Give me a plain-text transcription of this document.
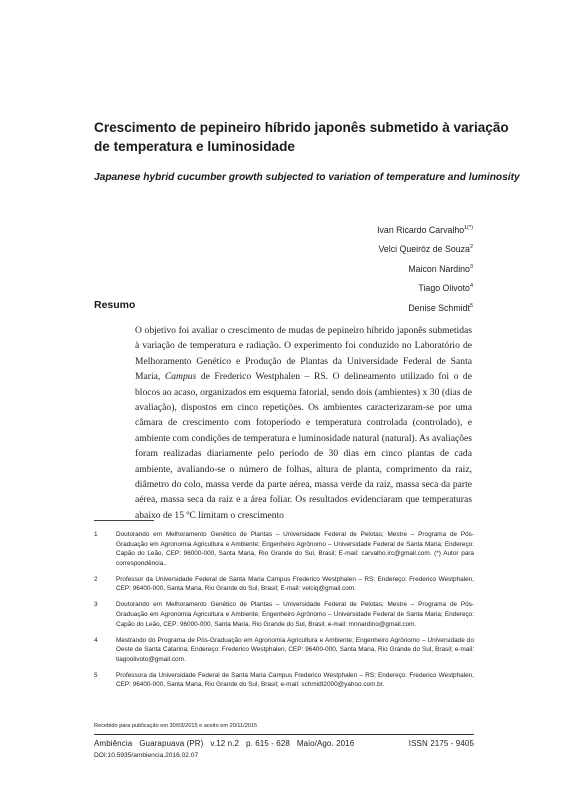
Crescimento de pepineiro híbrido japonês submetido à variação de temperatura e luminosidade
Japanese hybrid cucumber growth subjected to variation of temperature and luminosity
Ivan Ricardo Carvalho$^{1(*)}$
Velci Queiróz de Souza$^2$
Maicon Nardino$^3$
Tiago Olivoto$^4$
Denise Schmidt$^5$
Resumo
O objetivo foi avaliar o crescimento de mudas de pepineiro híbrido japonês submetidas à variação de temperatura e radiação. O experimento foi conduzido no Laboratório de Melhoramento Genético e Produção de Plantas da Universidade Federal de Santa Maria, Campus de Frederico Westphalen – RS. O delineamento utilizado foi o de blocos ao acaso, organizados em esquema fatorial, sendo dois (ambientes) x 30 (dias de avaliação), dispostos em cinco repetições. Os ambientes caracterizaram-se por uma câmara de crescimento com fotoperíodo e temperatura controlada (controlado), e ambiente com condições de temperatura e luminosidade natural (natural). As avaliações foram realizadas diariamente pelo período de 30 dias em cinco plantas de cada ambiente, avaliando-se o número de folhas, altura de planta, comprimento da raiz, diâmetro do colo, massa verde da parte aérea, massa verde da raiz, massa seca da parte aérea, massa seca da raiz e a área foliar. Os resultados evidenciaram que temperaturas abaixo de 15 ºC limitam o crescimento
1	Doutorando em Melhoramento Genético de Plantas – Universidade Federal de Pelotas; Mestre – Programa de Pós-Graduação em Agronomia Agricultura e Ambiente; Engenheiro Agrônomo – Universidade Federal de Santa Maria; Endereço: Capão do Leão, CEP: 96000-000, Santa Maria, Rio Grande do Sul, Brasil; E-mail: carvalho.irc@gmail.com. (*) Autor para correspondência..
2	Professor da Universidade Federal de Santa Maria Campus Frederico Westphalen – RS; Endereço: Frederico Westphalen, CEP: 96400-000, Santa Maria, Rio Grande do Sul, Brasil; E-mail: velciq@gmail.com.
3	Doutorando em Melhoramento Genético de Plantas – Universidade Federal de Pelotas; Mestre – Programa de Pós-Graduação em Agronomia Agricultura e Ambiente; Engenheiro Agrônomo – Universidade Federal de Santa Maria; Endereço: Capão do Leão, CEP: 96000-000, Santa Maria, Rio Grande do Sul, Brasil; e-mail: mnnardino@gmail.com.
4	Mestrando do Programa de Pós-Graduação em Agronomia Agricultura e Ambiente; Engenheiro Agrônomo – Universidade do Oeste de Santa Catarina; Endereço: Frederico Westphalen, CEP: 96400-000, Santa Maria, Rio Grande do Sul, Brasil; e-mail: tiagoolivoto@gmail.com.
5	Professora da Universidade Federal de Santa Maria Campus Frederico Westphalen – RS; Endereço: Frederico Westphalen, CEP: 96400-000, Santa Maria, Rio Grande do Sul, Brasil; e-mail: schmidt2000@yahoo.com.br.
Recebido para publicação em 30/03/2015 e aceito em 20/11/2015
Ambiência   Guarapuava (PR)   v.12 n.2   p. 615 - 628   Maio/Ago. 2016	ISSN 2175 - 9405
DOI:10.5935/ambiencia.2016.02.07
